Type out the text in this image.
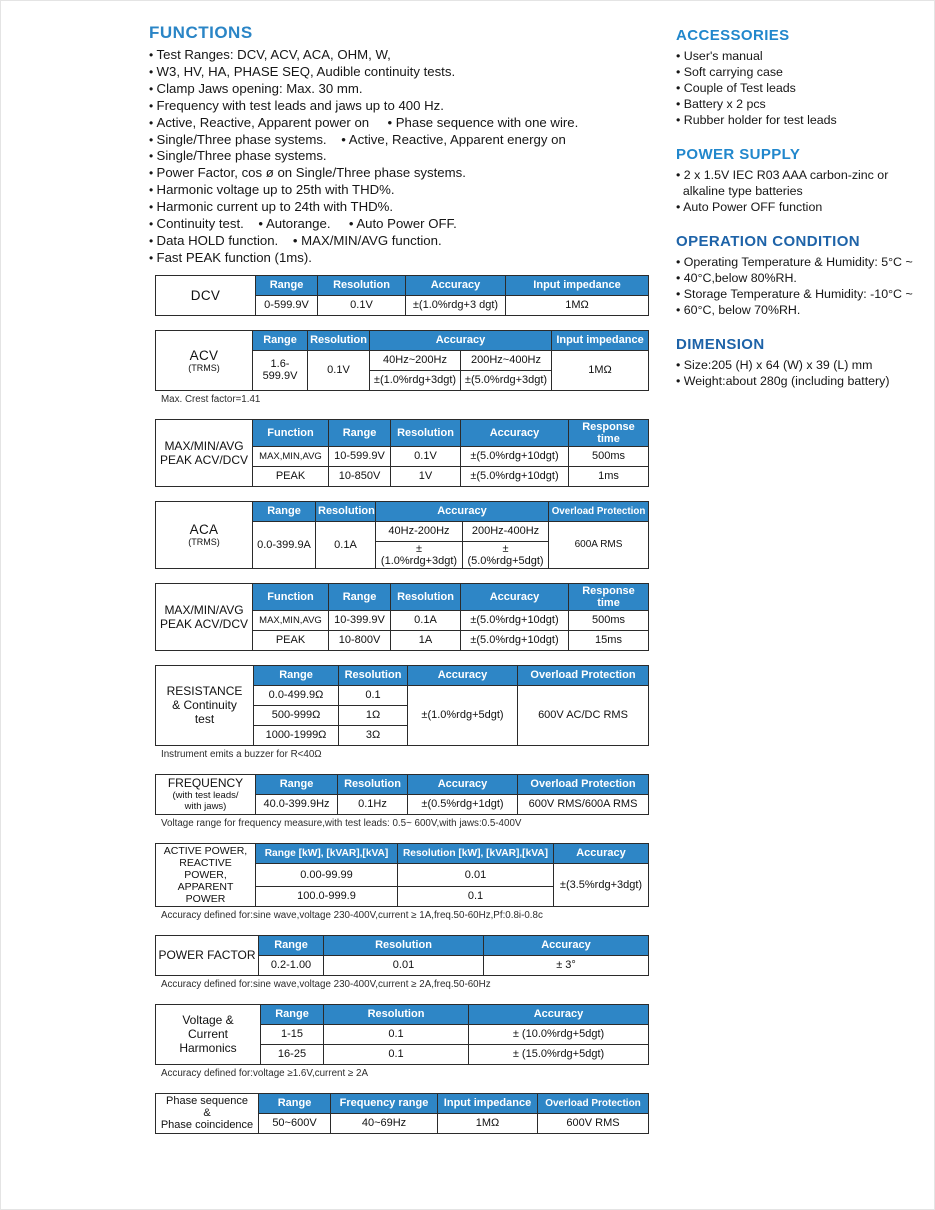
FUNCTIONS
• Test Ranges: DCV, ACV, ACA, OHM, W,
• W3, HV, HA, PHASE SEQ, Audible continuity tests.
• Clamp Jaws opening: Max. 30 mm.
• Frequency with test leads and jaws up to 400 Hz.
• Active, Reactive, Apparent power on     • Phase sequence with one wire.
• Single/Three phase systems.    • Active, Reactive, Apparent energy on
• Single/Three phase systems.
• Power Factor, cos ø on Single/Three phase systems.
• Harmonic voltage up to 25th with THD%.
• Harmonic current up to 24th with THD%.
• Continuity test.    • Autorange.     • Auto Power OFF.
• Data HOLD function.    • MAX/MIN/AVG function.
• Fast PEAK function (1ms).
DCV	Range	Resolution	Accuracy	Input impedance
	0-599.9V	0.1V	±(1.0%rdg+3 dgt)	1MΩ
ACV
(TRMS)	Range	Resolution	Accuracy		Input impedance
	1.6-599.9V	0.1V	40Hz~200Hz	200Hz~400Hz	1MΩ
			±(1.0%rdg+3dgt)	±(5.0%rdg+3dgt)	
Max. Crest factor=1.41
MAX/MIN/AVG
PEAK ACV/DCV	Function	Range	Resolution	Accuracy	Response time
	MAX,MIN,AVG	10-599.9V	0.1V	±(5.0%rdg+10dgt)	500ms
	PEAK	10-850V	1V	±(5.0%rdg+10dgt)	1ms
ACA
(TRMS)	Range	Resolution	Accuracy		Overload Protection
	0.0-399.9A	0.1A	40Hz-200Hz	200Hz-400Hz	600A RMS
			±(1.0%rdg+3dgt)	±(5.0%rdg+5dgt)	
MAX/MIN/AVG
PEAK ACV/DCV	Function	Range	Resolution	Accuracy	Response time
	MAX,MIN,AVG	10-399.9V	0.1A	±(5.0%rdg+10dgt)	500ms
	PEAK	10-800V	1A	±(5.0%rdg+10dgt)	15ms
RESISTANCE
& Continuity
test	Range	Resolution	Accuracy	Overload Protection
	0.0-499.9Ω	0.1	±(1.0%rdg+5dgt)	600V AC/DC RMS
	500-999Ω	1Ω		
	1000-1999Ω	3Ω		
Instrument emits a buzzer for R<40Ω
FREQUENCY
(with test leads/
with jaws)	Range	Resolution	Accuracy	Overload Protection
	40.0-399.9Hz	0.1Hz	±(0.5%rdg+1dgt)	600V RMS/600A RMS
Voltage range for frequency measure,with test leads: 0.5~ 600V,with jaws:0.5-400V
ACTIVE POWER,
REACTIVE POWER,
APPARENT POWER	Range [kW], [kVAR],[kVA]	Resolution [kW], [kVAR],[kVA]	Accuracy
	0.00-99.99	0.01	±(3.5%rdg+3dgt)
	100.0-999.9	0.1	
Accuracy defined for:sine wave,voltage 230-400V,current ≥ 1A,freq.50-60Hz,Pf:0.8i-0.8c
POWER FACTOR	Range	Resolution	Accuracy
	0.2-1.00	0.01	± 3°
Accuracy defined for:sine wave,voltage 230-400V,current ≥ 2A,freq.50-60Hz
Voltage &
Current
Harmonics	Range	Resolution	Accuracy
	1-15	0.1	± (10.0%rdg+5dgt)
	16-25	0.1	± (15.0%rdg+5dgt)
Accuracy defined for:voltage ≥1.6V,current ≥ 2A
Phase sequence
&
Phase coincidence	Range	Frequency range	Input impedance	Overload Protection
	50~600V	40~69Hz	1MΩ	600V RMS
ACCESSORIES
• User's manual
• Soft carrying case
• Couple of Test leads
• Battery x 2 pcs
• Rubber holder for test leads
POWER SUPPLY
• 2 x 1.5V IEC R03 AAA carbon-zinc or
alkaline type batteries
• Auto Power OFF function
OPERATION CONDITION
• Operating Temperature & Humidity: 5°C ~
• 40°C,below 80%RH.
• Storage Temperature & Humidity: -10°C ~
• 60°C, below 70%RH.
DIMENSION
• Size:205 (H) x 64 (W) x 39 (L) mm
• Weight:about 280g (including battery)
